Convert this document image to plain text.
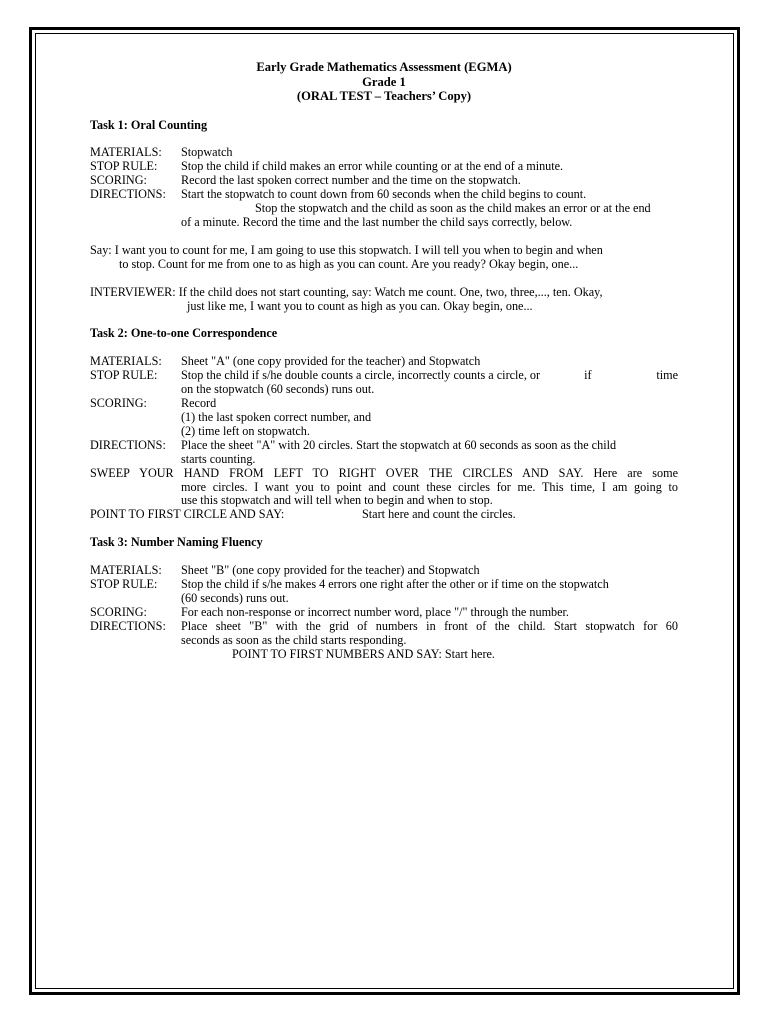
Early Grade Mathematics Assessment (EGMA)
Grade 1
(ORAL TEST – Teachers’ Copy)
Task 1: Oral Counting
MATERIALS:	Stopwatch
STOP RULE:	Stop the child if child makes an error while counting or at the end of a minute.
SCORING:	Record the last spoken correct number and the time on the stopwatch.
DIRECTIONS:	Start the stopwatch to count down from 60 seconds when the child begins to count.
Stop the stopwatch and the child as soon as the child makes an error or at the end
of a minute. Record the time and the last number the child says correctly, below.
Say: I want you to count for me, I am going to use this stopwatch. I will tell you when to begin and when
to stop. Count for me from one to as high as you can count. Are you ready? Okay begin, one...
INTERVIEWER: If the child does not start counting, say: Watch me count. One, two, three,..., ten. Okay,
just like me, I want you to count as high as you can. Okay begin, one...
Task 2: One-to-one Correspondence
MATERIALS:	Sheet "A" (one copy provided for the teacher) and Stopwatch
STOP RULE:	Stop the child if s/he double counts a circle, incorrectly counts a circle, or	if	time
on the stopwatch (60 seconds) runs out.
SCORING:	Record
(1) the last spoken correct number, and
(2) time left on stopwatch.
DIRECTIONS:	Place the sheet "A" with 20 circles. Start the stopwatch at 60 seconds as soon as the child
starts counting.
SWEEP YOUR HAND FROM LEFT TO RIGHT OVER THE CIRCLES AND SAY. Here are some
more circles. I want you to point and count these circles for me. This time, I am going to
use this stopwatch and will tell when to begin and when to stop.
POINT TO FIRST CIRCLE AND SAY:	Start here and count the circles.
Task 3: Number Naming Fluency
MATERIALS:	Sheet "B" (one copy provided for the teacher) and Stopwatch
STOP RULE:	Stop the child if s/he makes 4 errors one right after the other or if time on the stopwatch
(60 seconds) runs out.
SCORING:	For each non-response or incorrect number word, place "/" through the number.
DIRECTIONS:	Place sheet "B" with the grid of numbers in front of the child. Start stopwatch for 60
seconds as soon as the child starts responding.
POINT TO FIRST NUMBERS AND SAY: Start here.
